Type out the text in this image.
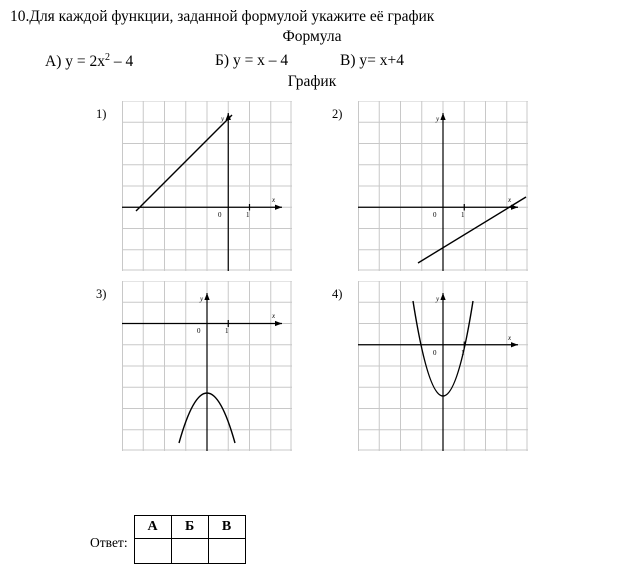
10.Для каждой функции, заданной формулой укажите её график
Формула
А) $y = 2x^2 - 4$	Б) y = x – 4	В) y= x+4
График
1)
0	1
x
y	2)
0	1
x
y
3)
0	1
x
y	4)
0	1
x
y
Ответ:
А	Б	В
